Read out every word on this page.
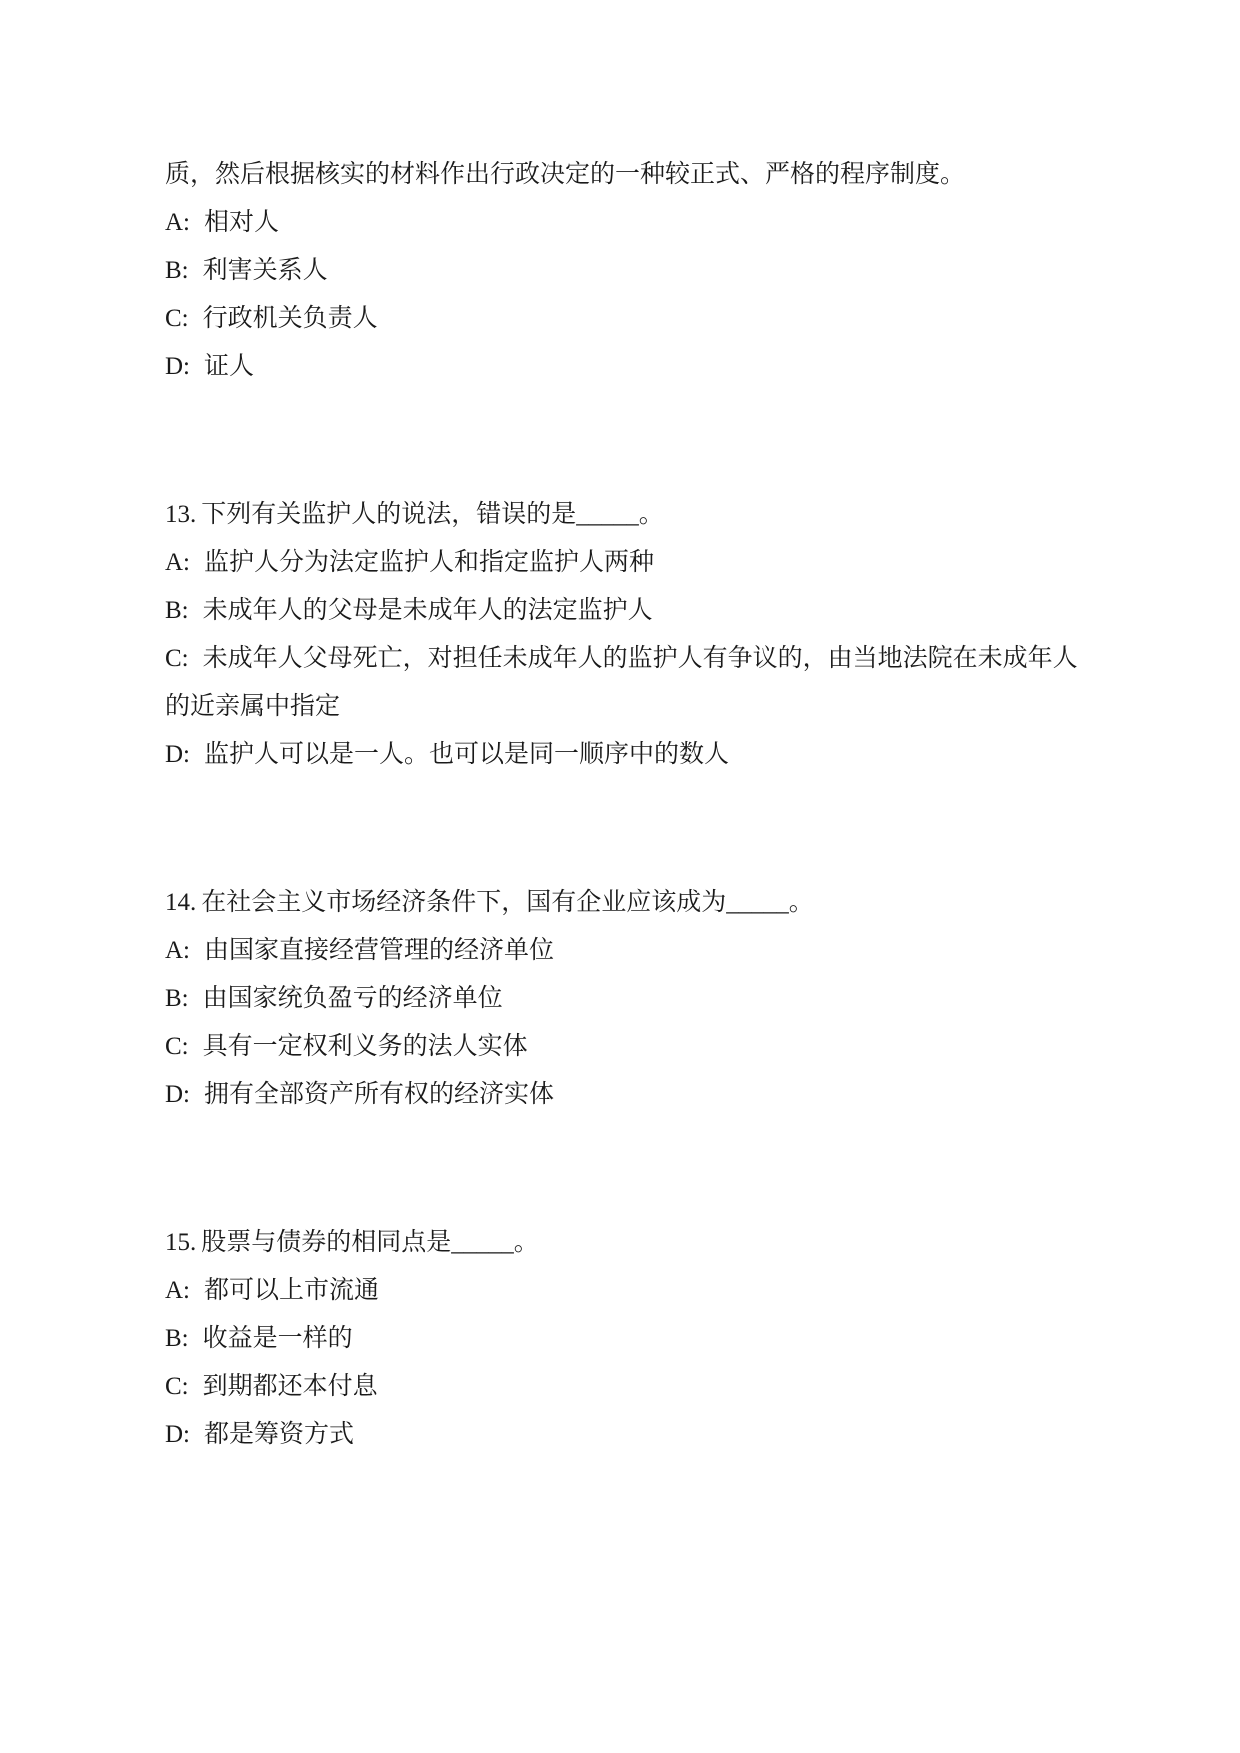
质，然后根据核实的材料作出行政决定的一种较正式、严格的程序制度。

A: 相对人

B: 利害关系人

C: 行政机关负责人

D: 证人

13. 下列有关监护人的说法，错误的是_____。

A: 监护人分为法定监护人和指定监护人两种

B: 未成年人的父母是未成年人的法定监护人

C: 未成年人父母死亡，对担任未成年人的监护人有争议的，由当地法院在未成年人的近亲属中指定

D: 监护人可以是一人。也可以是同一顺序中的数人

14. 在社会主义市场经济条件下，国有企业应该成为_____。

A: 由国家直接经营管理的经济单位

B: 由国家统负盈亏的经济单位

C: 具有一定权利义务的法人实体

D: 拥有全部资产所有权的经济实体

15. 股票与债券的相同点是_____。

A: 都可以上市流通

B: 收益是一样的

C: 到期都还本付息

D: 都是筹资方式
